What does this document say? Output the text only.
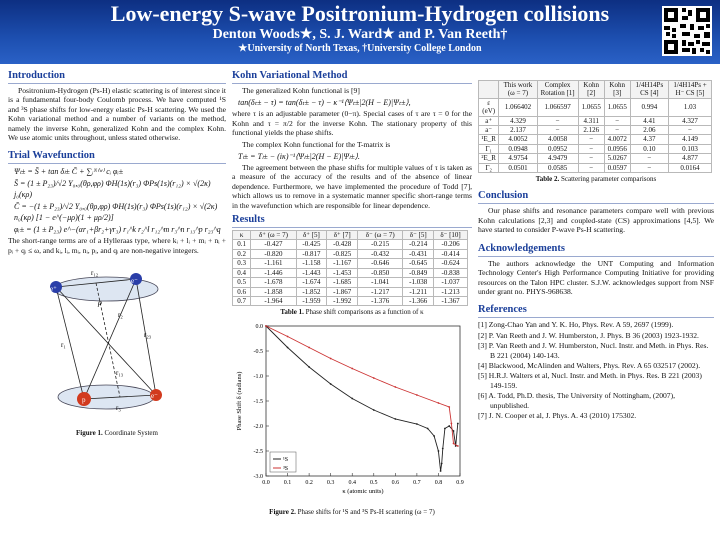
Low-energy S-wave Positronium-Hydrogen collisions
Denton Woods★, S. J. Ward★ and P. Van Reeth†
★University of North Texas, †University College London
Introduction

Positronium-Hydrogen (Ps-H) elastic scattering is of interest since it is a fundamental four-body Coulomb process. We have computed ¹S and ³S phase shifts for low-energy elastic Ps-H scattering. We used the Kohn variational method and a number of variants on the method, namely the inverse Kohn, generalized Kohn and the complex Kohn. We use atomic units throughout, unless stated otherwise.

Trial Wavefunction
Ψₗ± = S̄ + tan δₗ± C̄ + ∑ᵢᴺ⁽ʷ⁾ cᵢ φᵢ±
S̄ = (1 ± P₂₃)/√2 Y₀,₀(θρ,φρ) ΦH(1s)(r₃) ΦPs(1s)(r₁₂) × √(2κ) j₀(κρ)
C̄ = −(1 ± P₂₃)/√2 Y₀,₀(θρ,φρ) ΦH(1s)(r₃) ΦPs(1s)(r₁₂) × √(2κ) n₀(κρ) [1 − e^(−μρ)(1 + μρ/2)]
φᵢ± = (1 ± P₂₃) e^−(αr₁+βr₂+γr₃) r₁^k r₂^l r₁₂^m r₃^n r₁₃^p r₂₃^q

The short-range terms are of a Hylleraas type, where kᵢ + lᵢ + mᵢ + nᵢ + pᵢ + qᵢ ≤ ω, and kᵢ, lᵢ, mᵢ, nᵢ, pᵢ, and qᵢ are non-negative integers.

e⁺
e⁻
p	e⁻
r₁₂
r₁
r₂
r₃
r₁₃
r₂₃
ρ
Figure 1. Coordinate System
Kohn Variational Method

The generalized Kohn functional is [9]

tan(δₜ± − τ) = tan(δₜ± − τ) − κ⁻¹⟨Ψₜ±|2(H − E)|Ψₜ±⟩,

where τ is an adjustable parameter (0−π). Special cases of τ are τ = 0 for the Kohn and τ = π/2 for the inverse Kohn. The stationary property of this functional yields the phase shifts.

The complex Kohn functional for the T-matrix is

Tₗ± = Tₗ± − (iκ)⁻¹⟨Ψₗ±|2(H − E)|Ψₗ±⟩.

The agreement between the phase shifts for multiple values of τ is taken as a measure of the accuracy of the results and of the absence of linear dependence. Furthermore, we have implemented the procedure of Todd [7], which allows us to remove in a systematic manner specific short-range terms in the wavefunction which are responsible for linear dependence.

Results
κ	δ⁺ (ω = 7)	δ⁺ [5]	δ⁺ [7]	δ⁻ (ω = 7)	δ⁻ [5]	δ⁻ [10]
0.1	-0.427	-0.425	-0.428	-0.215	-0.214	-0.206
0.2	-0.820	-0.817	-0.825	-0.432	-0.431	-0.414
0.3	-1.161	-1.158	-1.167	-0.646	-0.645	-0.624
0.4	-1.446	-1.443	-1.453	-0.850	-0.849	-0.838
0.5	-1.678	-1.674	-1.685	-1.041	-1.038	-1.037
0.6	-1.858	-1.852	-1.867	-1.217	-1.211	-1.213
0.7	-1.964	-1.959	-1.992	-1.376	-1.366	-1.367
Table 1. Phase shift comparisons as a function of κ
0.0 0.1 0.2 0.3 0.4 0.5 0.6 0.7 0.8 0.9
0.0
-0.5
-1.0
-1.5
-2.0
-2.5
-3.0
κ (atomic units)
Phase Shift δ (radians)
¹S
³S
Figure 2. Phase shifts for ¹S and ³S Ps-H scattering (ω = 7)
	This work (ω = 7)	Complex Rotation [1]	Kohn [2]	Kohn [3]	1/4H14Ps CS [4]	1/4H14Ps + H⁻ CS [5]
ε (eV)	1.066402	1.066597	1.0655	1.0655	0.994	1.03
a⁺	4.329	−	4.311	−	4.41	4.327
a⁻	2.137	−	2.126	−	2.06	−
¹E_R	4.0052	4.0058	−	4.0072	4.37	4.149
Γ₁	0.0948	0.0952	−	0.0956	0.10	0.103
²E_R	4.9754	4.9479	−	5.0267	−	4.877
Γ₂	0.0501	0.0585	−	0.0597	−	0.0164
Table 2. Scattering parameter comparisons
Conclusion

Our phase shifts and resonance parameters compare well with previous Kohn calculations [2,3] and coupled-state (CS) approximations [4,5]. We have started to consider P-wave Ps-H scattering.

Acknowledgements

The authors acknowledge the UNT Computing and Information Technology Center's High Performance Computing Initiative for providing resources on the Talon HPC cluster. S.J.W. acknowledges support from NSF under grant no. PHYS-968638.

References
[1] Zong-Chao Yan and Y. K. Ho, Phys. Rev. A 59, 2697 (1999).
[2] P. Van Reeth and J. W. Humberston, J. Phys. B 36 (2003) 1923-1932.
[3] P. Van Reeth and J. W. Humberston, Nucl. Instr. and Meth. in Phys. Res. B 221 (2004) 140-143.
[4] Blackwood, McAlinden and Walters, Phys. Rev. A 65 032517 (2002).
[5] H.R.J. Walters et al, Nucl. Instr. and Meth. in Phys. Res. B 221 (2003) 149-159.
[6] A. Todd, Ph.D. thesis, The University of Nottingham, (2007), unpublished.
[7] J. N. Cooper et al, J. Phys. A. 43 (2010) 175302.
